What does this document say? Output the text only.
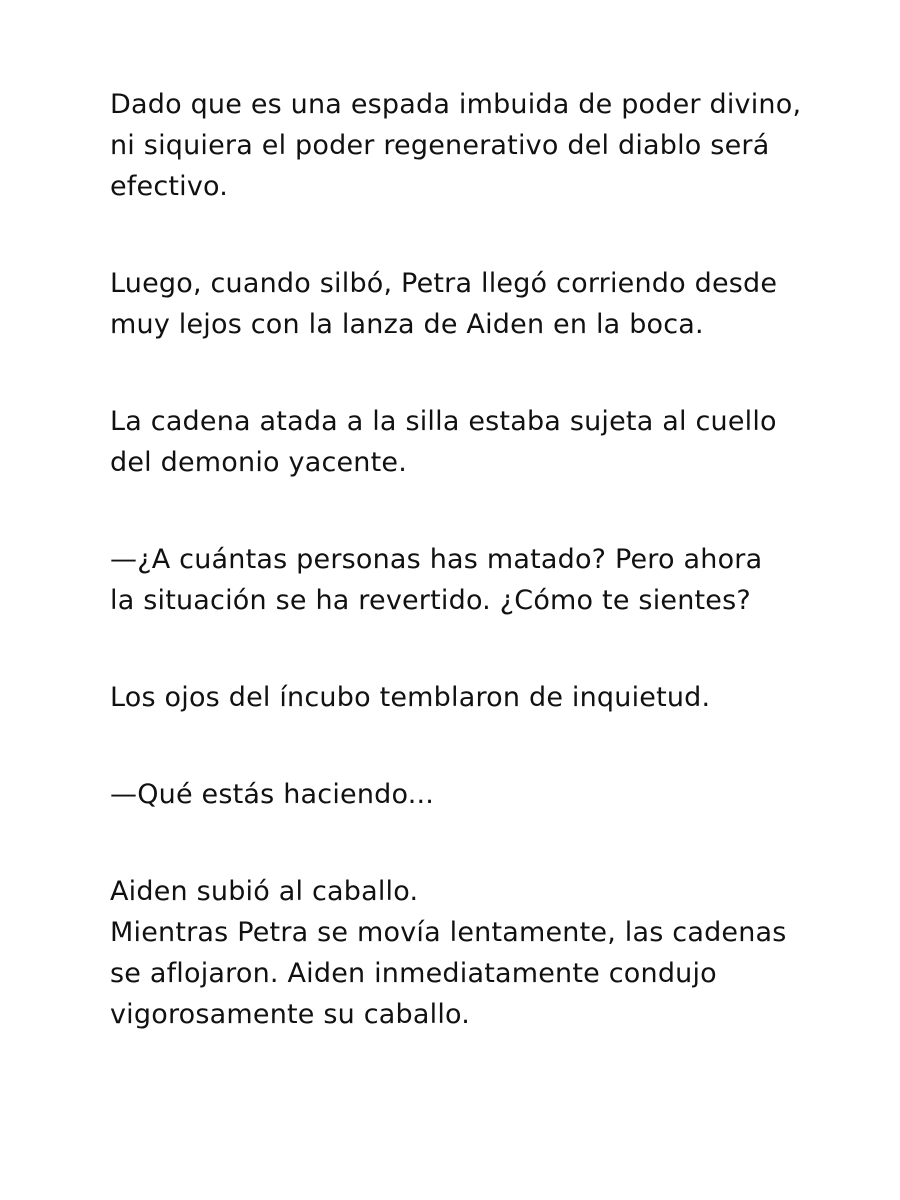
Dado que es una espada imbuida de poder divino,
ni siquiera el poder regenerativo del diablo será
efectivo.

Luego, cuando silbó, Petra llegó corriendo desde
muy lejos con la lanza de Aiden en la boca.

La cadena atada a la silla estaba sujeta al cuello
del demonio yacente.

—¿A cuántas personas has matado? Pero ahora
la situación se ha revertido. ¿Cómo te sientes?

Los ojos del íncubo temblaron de inquietud.

—Qué estás haciendo...

Aiden subió al caballo.

Mientras Petra se movía lentamente, las cadenas
se aflojaron. Aiden inmediatamente condujo
vigorosamente su caballo.
